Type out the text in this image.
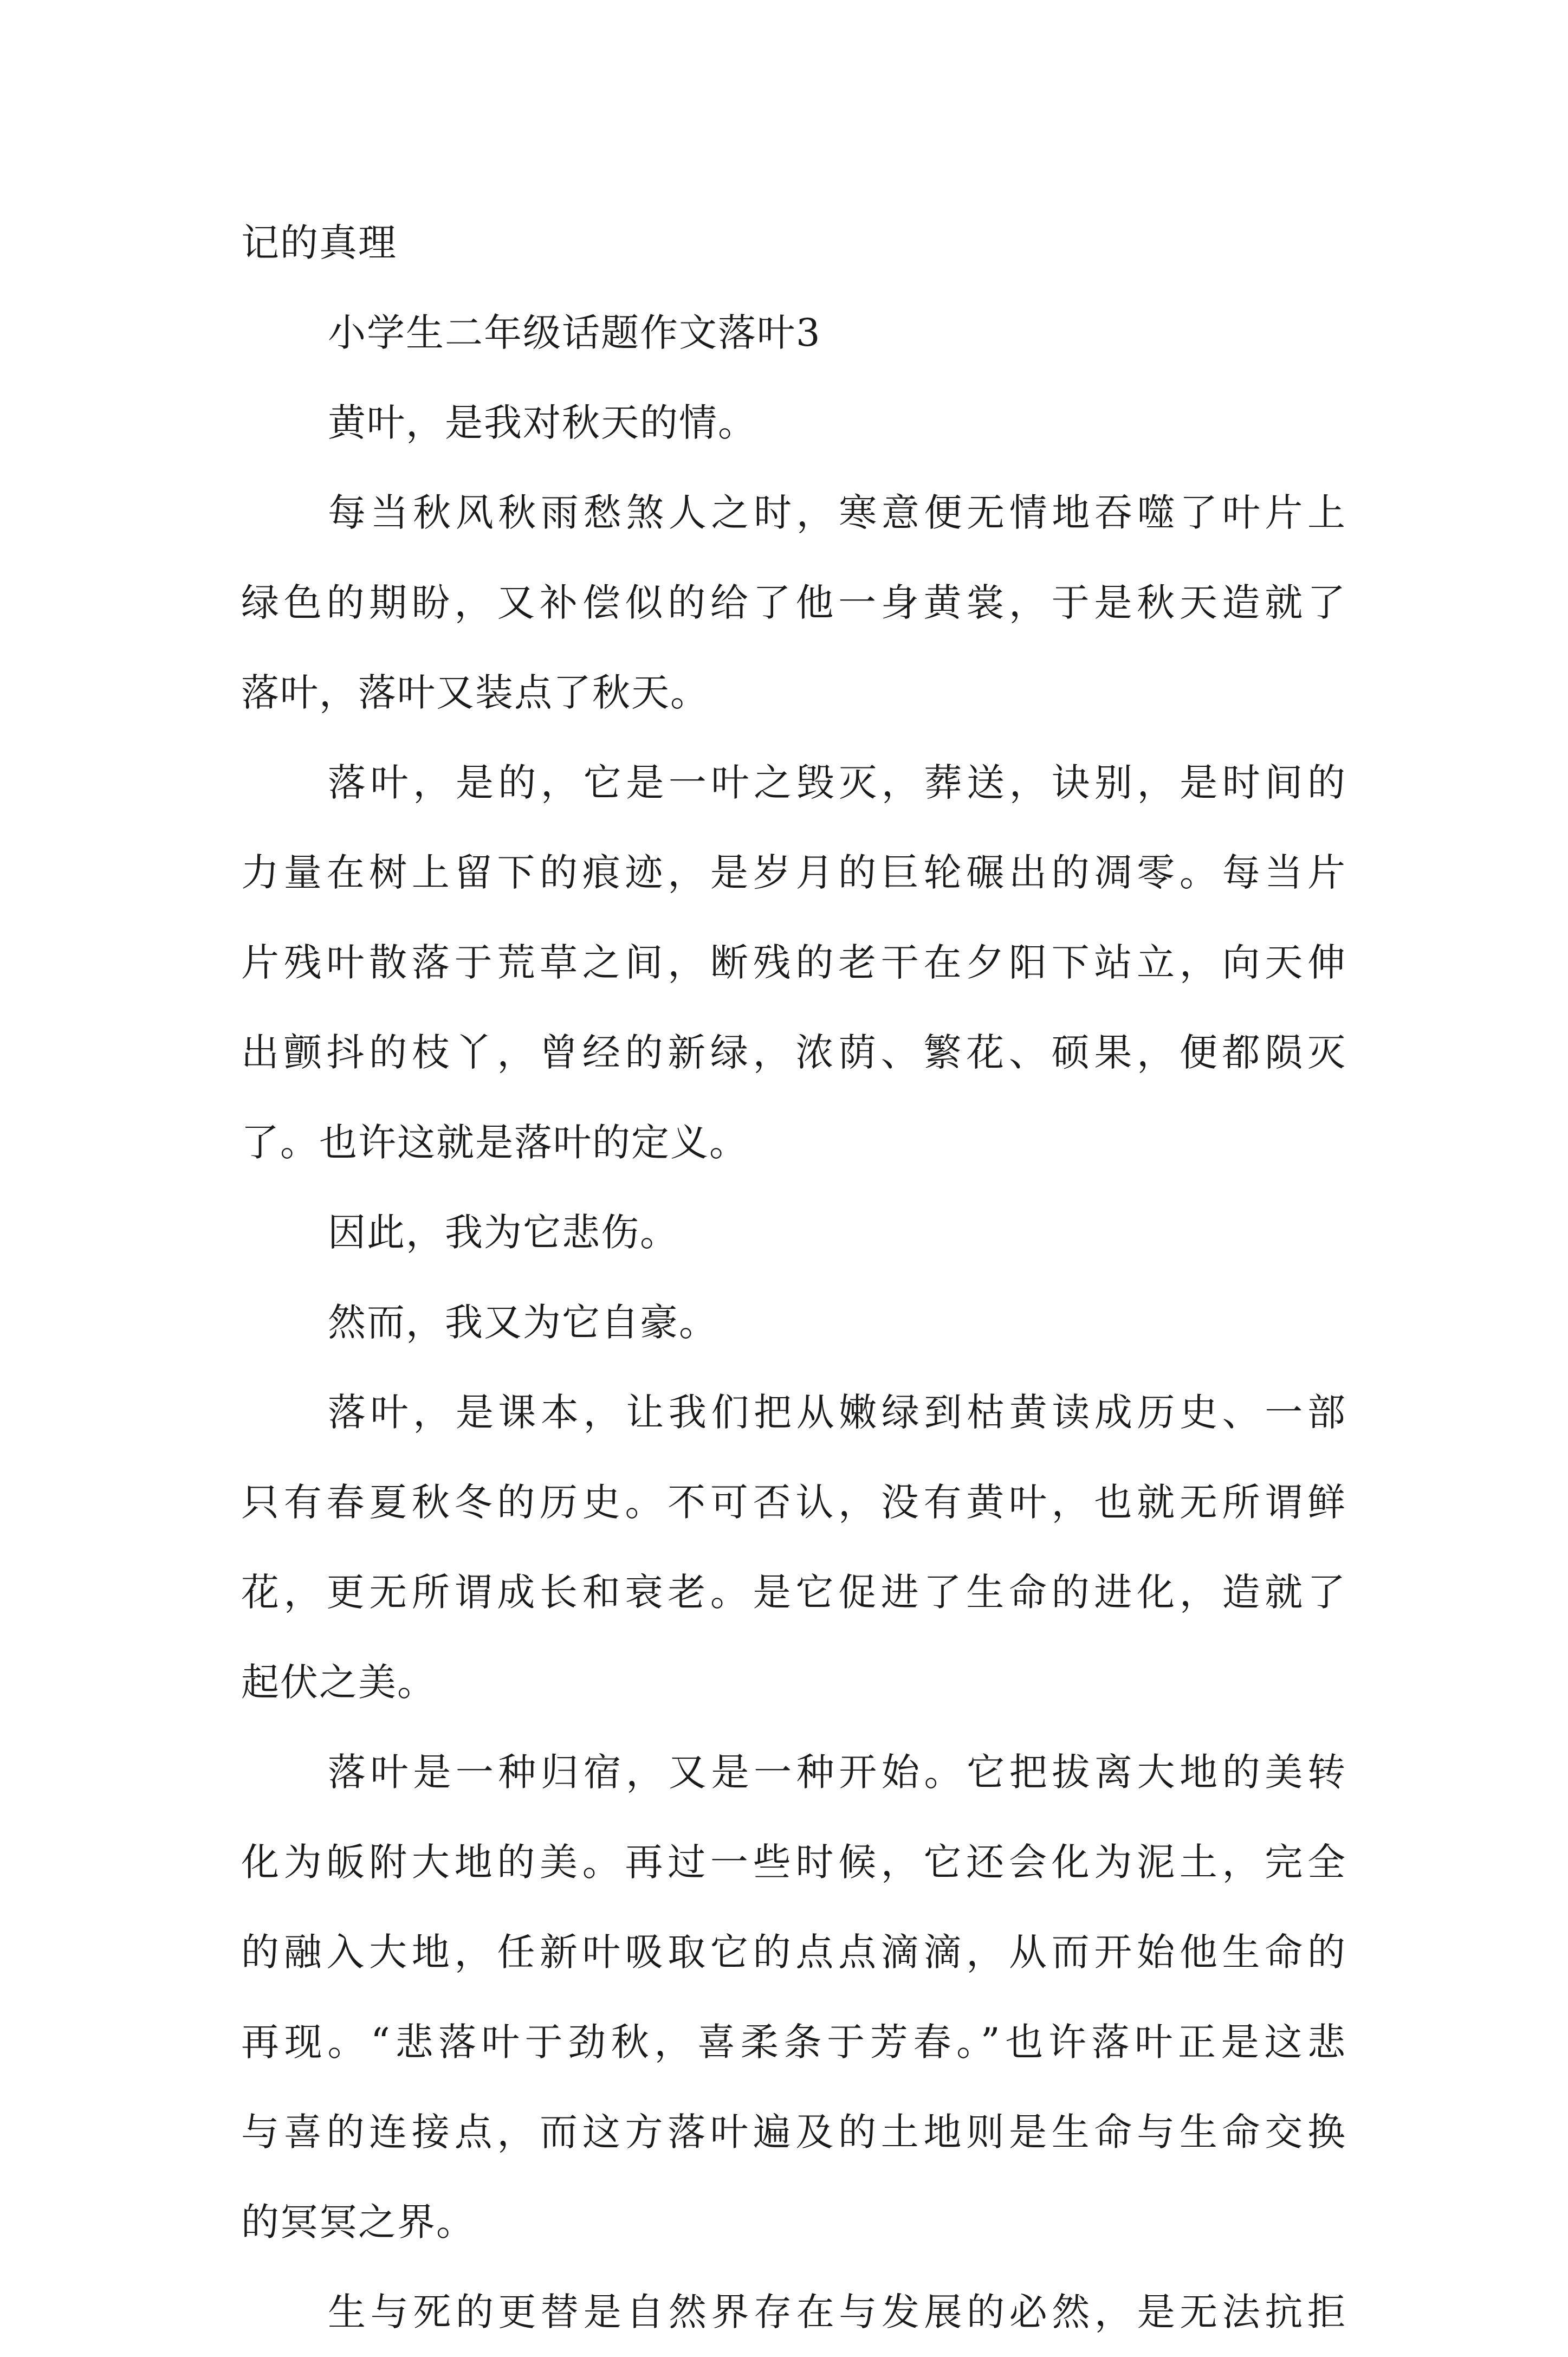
记的真理
小学生二年级话题作文落叶3
黄叶，是我对秋天的情。
每当秋风秋雨愁煞人之时，寒意便无情地吞噬了叶片上
绿色的期盼，又补偿似的给了他一身黄裳，于是秋天造就了
落叶，落叶又装点了秋天。
落叶，是的，它是一叶之毁灭，葬送，诀别，是时间的
力量在树上留下的痕迹，是岁月的巨轮碾出的凋零。每当片
片残叶散落于荒草之间，断残的老干在夕阳下站立，向天伸
出颤抖的枝丫，曾经的新绿，浓荫、繁花、硕果，便都陨灭
了。也许这就是落叶的定义。
因此，我为它悲伤。
然而，我又为它自豪。
落叶，是课本，让我们把从嫩绿到枯黄读成历史、一部
只有春夏秋冬的历史。不可否认，没有黄叶，也就无所谓鲜
花，更无所谓成长和衰老。是它促进了生命的进化，造就了
起伏之美。
落叶是一种归宿，又是一种开始。它把拔离大地的美转
化为皈附大地的美。再过一些时候，它还会化为泥土，完全
的融入大地，任新叶吸取它的点点滴滴，从而开始他生命的
再现。“悲落叶于劲秋，喜柔条于芳春。”也许落叶正是这悲
与喜的连接点，而这方落叶遍及的土地则是生命与生命交换
的冥冥之界。
生与死的更替是自然界存在与发展的必然，是无法抗拒
